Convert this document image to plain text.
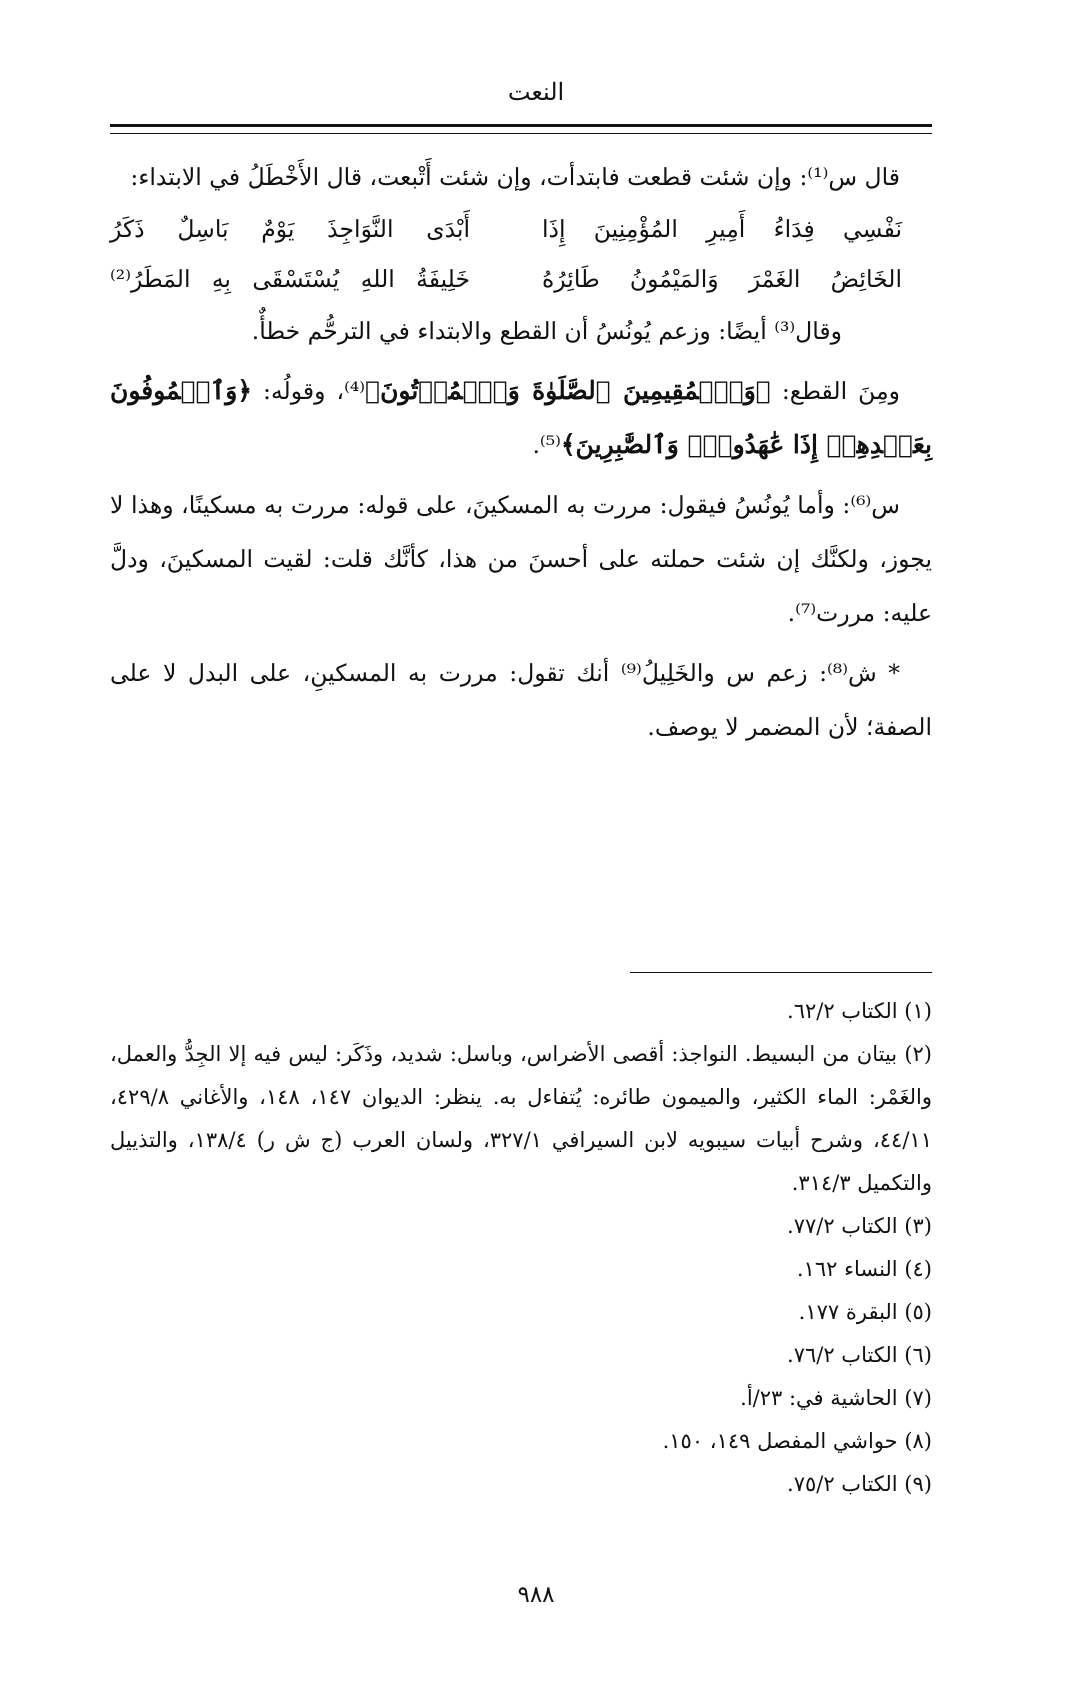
النعت

قال س⁽¹⁾: وإن شئت قطعت فابتدأت، وإن شئت أَتْبعت، قال الأَخْطَلُ في الابتداء:

نَفْسِي فِدَاءُ أَمِيرِ المُؤْمِنِينَ إِذَا
أَبْدَى النَّوَاجِذَ يَوْمٌ بَاسِلٌ ذَكَرُ
الخَائِضُ الغَمْرَ وَالمَيْمُونُ طَائِرُهُ
خَلِيفَةُ اللهِ يُسْتَسْقَى بِهِ المَطَرُ⁽²⁾

وقال⁽³⁾ أيضًا: وزعم يُونُسُ أن القطع والابتداء في الترحُّم خطأٌ.

ومِنَ القطع: ﴿وَٱلۡمُقِيمِينَ ٱلصَّلَوٰةَ وَٱلۡمُؤۡتُونَ﴾⁽⁴⁾، وقولُه: ﴿وَٱلۡمُوفُونَ بِعَهۡدِهِمۡ إِذَا عَٰهَدُواْۖ وَٱلصَّٰبِرِينَ﴾⁽⁵⁾.

س⁽⁶⁾: وأما يُونُسُ فيقول: مررت به المسكينَ، على قوله: مررت به مسكينًا، وهذا لا يجوز، ولكنَّك إن شئت حملته على أحسنَ من هذا، كأنَّك قلت: لقيت المسكينَ، ودلَّ عليه: مررت⁽⁷⁾.

* ش⁽⁸⁾: زعم س والخَلِيلُ⁽⁹⁾ أنك تقول: مررت به المسكينِ، على البدل لا على الصفة؛ لأن المضمر لا يوصف.

(١) الكتاب ٦٢/٢.

(٢) بيتان من البسيط. النواجذ: أقصى الأضراس، وباسل: شديد، وذَكَر: ليس فيه إلا الجِدُّ والعمل، والغَمْر: الماء الكثير، والميمون طائره: يُتفاءل به. ينظر: الديوان ١٤٧، ١٤٨، والأغاني ٤٢٩/٨، ٤٤/١١، وشرح أبيات سيبويه لابن السيرافي ٣٢٧/١، ولسان العرب (ج ش ر) ١٣٨/٤، والتذييل والتكميل ٣١٤/٣.

(٣) الكتاب ٧٧/٢.

(٤) النساء ١٦٢.

(٥) البقرة ١٧٧.

(٦) الكتاب ٧٦/٢.

(٧) الحاشية في: ٢٣/أ.

(٨) حواشي المفصل ١٤٩، ١٥٠.

(٩) الكتاب ٧٥/٢.

٩٨٨
